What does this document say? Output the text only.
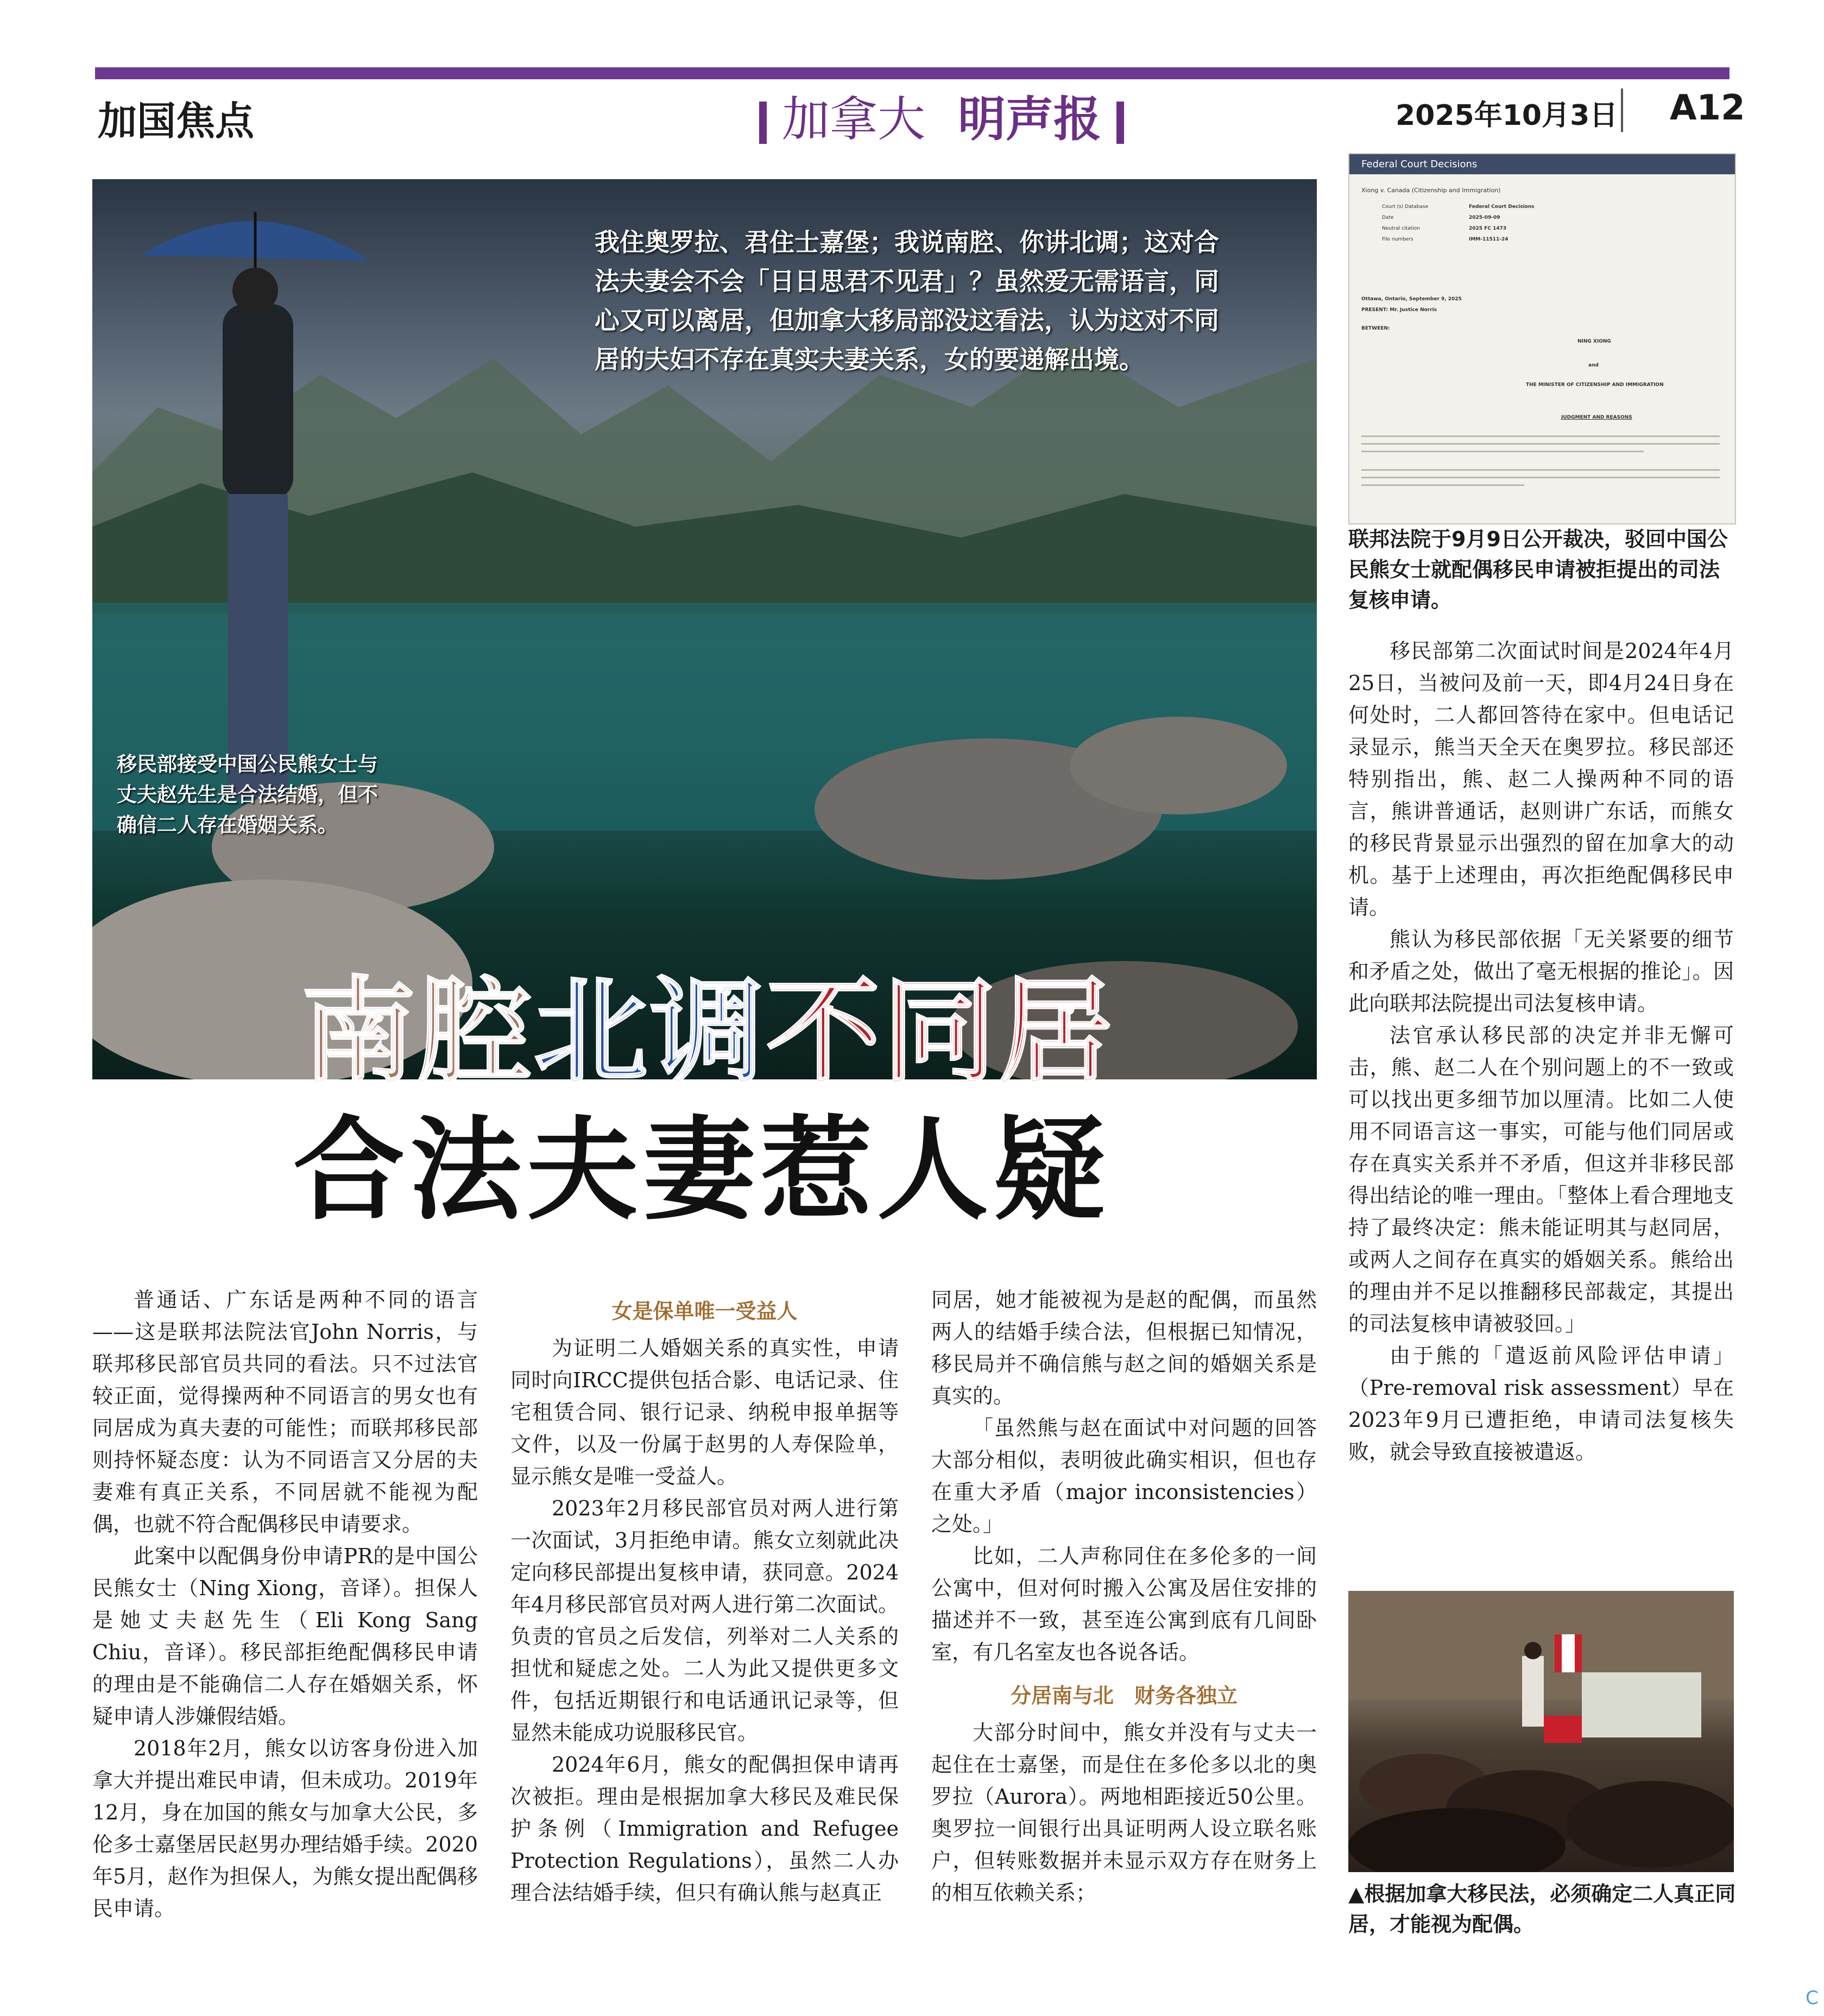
加国焦点	加拿大 明声报	2025年10月3日 A12
我住奥罗拉、君住士嘉堡；我说南腔、你讲北调；这对合法夫妻会不会「日日思君不见君」？虽然爱无需语言，同心又可以离居，但加拿大移局部没这看法，认为这对不同居的夫妇不存在真实夫妻关系，女的要递解出境。
移民部接受中国公民熊女士与丈夫赵先生是合法结婚，但不确信二人存在婚姻关系。
南腔北调不同居
合法夫妻惹人疑
Federal Court Decisions
Xiong v. Canada (Citizenship and Immigration)
Court (s) Database	Federal Court Decisions
Date	2025-09-09
Neutral citation	2025 FC 1473
File numbers	IMM-11511-24
Ottawa, Ontario, September 9, 2025
PRESENT: Mr. Justice Norris
BETWEEN:
NING XIONG
and
THE MINISTER OF CITIZENSHIP AND IMMIGRATION
JUDGMENT AND REASONS
联邦法院于9月9日公开裁决，驳回中国公民熊女士就配偶移民申请被拒提出的司法复核申请。

移民部第二次面试时间是2024年4月25日，当被问及前一天，即4月24日身在何处时，二人都回答待在家中。但电话记录显示，熊当天全天在奥罗拉。移民部还特别指出，熊、赵二人操两种不同的语言，熊讲普通话，赵则讲广东话，而熊女的移民背景显示出强烈的留在加拿大的动机。基于上述理由，再次拒绝配偶移民申请。

熊认为移民部依据「无关紧要的细节和矛盾之处，做出了毫无根据的推论」。因此向联邦法院提出司法复核申请。

法官承认移民部的决定并非无懈可击，熊、赵二人在个别问题上的不一致或可以找出更多细节加以厘清。比如二人使用不同语言这一事实，可能与他们同居或存在真实关系并不矛盾，但这并非移民部得出结论的唯一理由。「整体上看合理地支持了最终决定：熊未能证明其与赵同居，或两人之间存在真实的婚姻关系。熊给出的理由并不足以推翻移民部裁定，其提出的司法复核申请被驳回。」

由于熊的「遣返前风险评估申请」（Pre-removal risk assessment）早在2023年9月已遭拒绝，申请司法复核失败，就会导致直接被遣返。

普通话、广东话是两种不同的语言——这是联邦法院法官John Norris，与联邦移民部官员共同的看法。只不过法官较正面，觉得操两种不同语言的男女也有同居成为真夫妻的可能性；而联邦移民部则持怀疑态度：认为不同语言又分居的夫妻难有真正关系，不同居就不能视为配偶，也就不符合配偶移民申请要求。

此案中以配偶身份申请PR的是中国公民熊女士（Ning Xiong，音译）。担保人是她丈夫赵先生（Eli Kong Sang Chiu，音译）。移民部拒绝配偶移民申请的理由是不能确信二人存在婚姻关系，怀疑申请人涉嫌假结婚。

2018年2月，熊女以访客身份进入加拿大并提出难民申请，但未成功。2019年12月，身在加国的熊女与加拿大公民，多伦多士嘉堡居民赵男办理结婚手续。2020年5月，赵作为担保人，为熊女提出配偶移民申请。

女是保单唯一受益人

为证明二人婚姻关系的真实性，申请同时向IRCC提供包括合影、电话记录、住宅租赁合同、银行记录、纳税申报单据等文件，以及一份属于赵男的人寿保险单，显示熊女是唯一受益人。

2023年2月移民部官员对两人进行第一次面试，3月拒绝申请。熊女立刻就此决定向移民部提出复核申请，获同意。2024年4月移民部官员对两人进行第二次面试。负责的官员之后发信，列举对二人关系的担忧和疑虑之处。二人为此又提供更多文件，包括近期银行和电话通讯记录等，但显然未能成功说服移民官。

2024年6月，熊女的配偶担保申请再次被拒。理由是根据加拿大移民及难民保护条例（Immigration and Refugee Protection Regulations），虽然二人办理合法结婚手续，但只有确认熊与赵真正

同居，她才能被视为是赵的配偶，而虽然两人的结婚手续合法，但根据已知情况，移民局并不确信熊与赵之间的婚姻关系是真实的。

「虽然熊与赵在面试中对问题的回答大部分相似，表明彼此确实相识，但也存在重大矛盾（major inconsistencies）之处。」

比如，二人声称同住在多伦多的一间公寓中，但对何时搬入公寓及居住安排的描述并不一致，甚至连公寓到底有几间卧室，有几名室友也各说各话。

分居南与北　财务各独立

大部分时间中，熊女并没有与丈夫一起住在士嘉堡，而是住在多伦多以北的奥罗拉（Aurora）。两地相距接近50公里。奥罗拉一间银行出具证明两人设立联名账户，但转账数据并未显示双方存在财务上的相互依赖关系；	▲根据加拿大移民法，必须确定二人真正同居，才能视为配偶。
C
